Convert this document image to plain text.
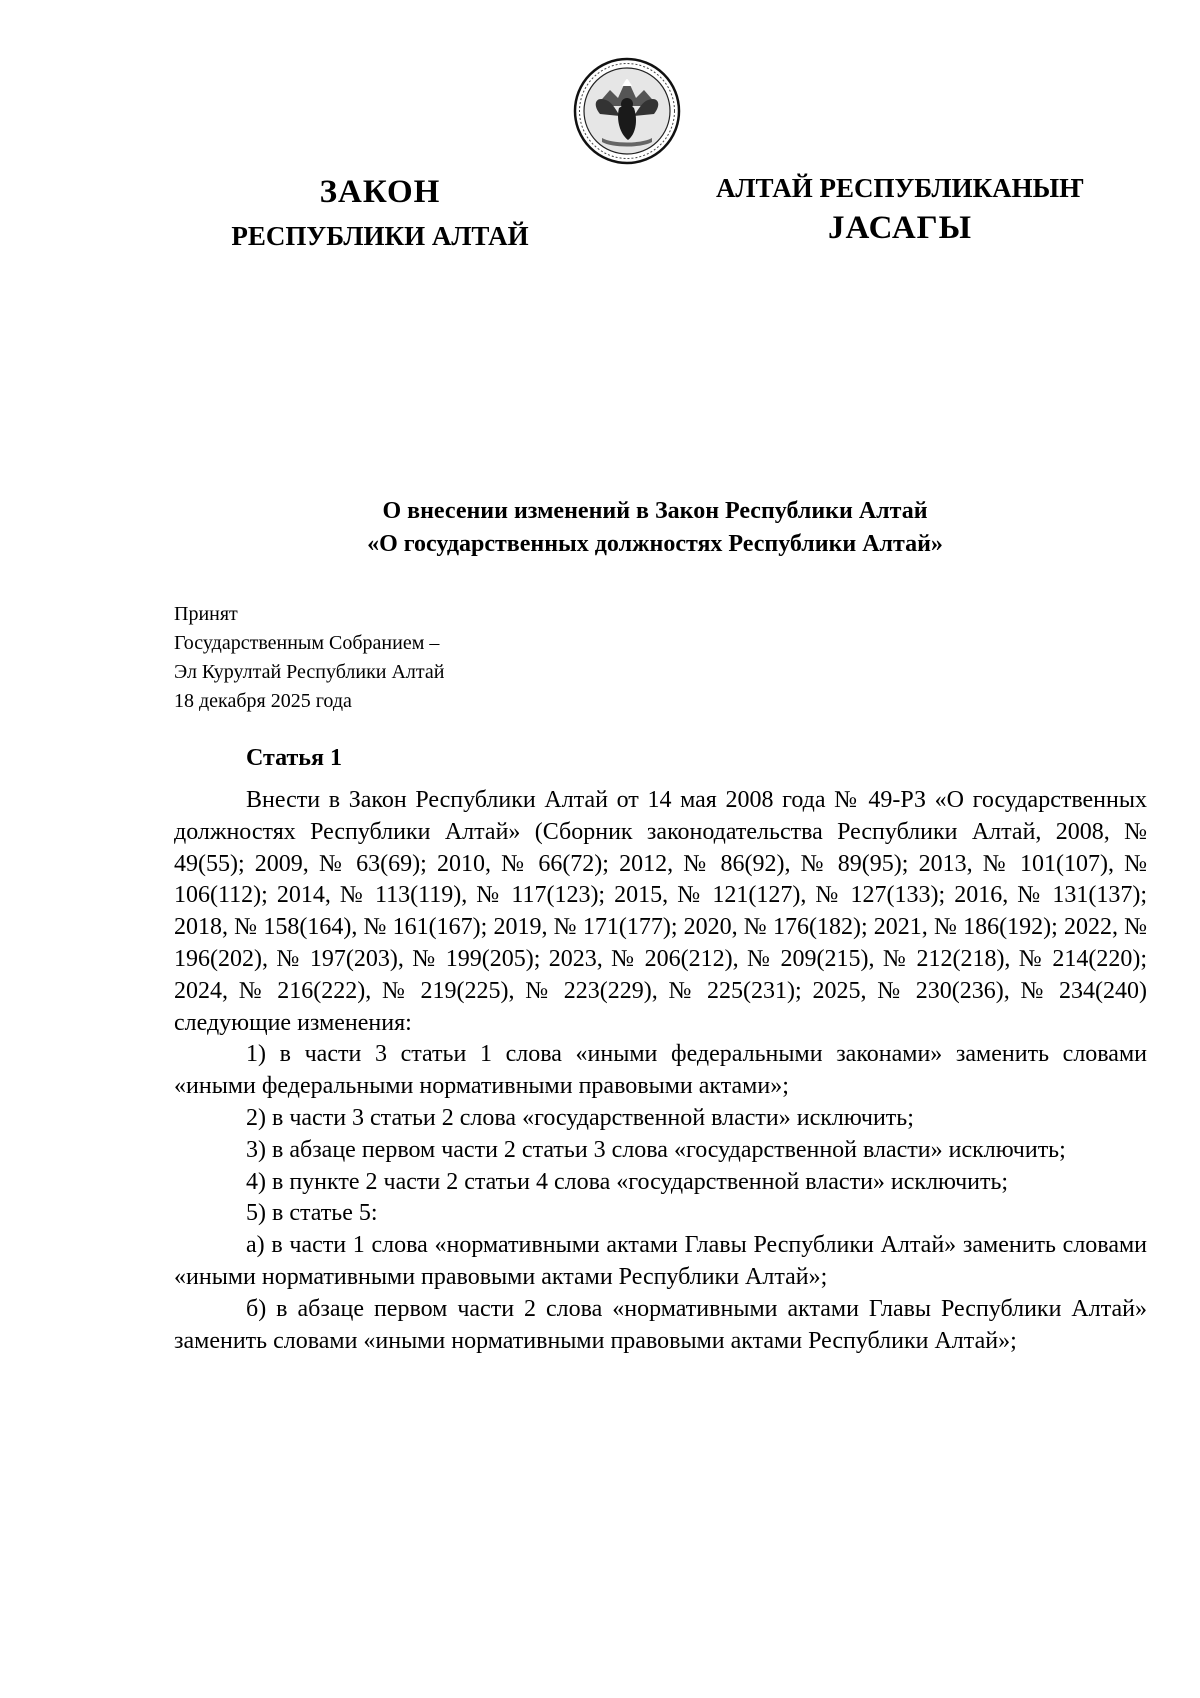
ЗАКОН
РЕСПУБЛИКИ АЛТАЙ
АЛТАЙ РЕСПУБЛИКАНЫҤ
JАСАГЫ
О внесении изменений в Закон Республики Алтай
«О государственных должностях Республики Алтай»
Принят
Государственным Собранием –
Эл Курултай Республики Алтай
18 декабря 2025 года
Статья 1

Внести в Закон Республики Алтай от 14 мая 2008 года № 49-РЗ «О государственных должностях Республики Алтай» (Сборник законодательства Республики Алтай, 2008, № 49(55); 2009, № 63(69); 2010, № 66(72); 2012, № 86(92), № 89(95); 2013, № 101(107), № 106(112); 2014, № 113(119), № 117(123); 2015, № 121(127), № 127(133); 2016, № 131(137); 2018, № 158(164), № 161(167); 2019, № 171(177); 2020, № 176(182); 2021, № 186(192); 2022, № 196(202), № 197(203), № 199(205); 2023, № 206(212), № 209(215), № 212(218), № 214(220); 2024, № 216(222), № 219(225), № 223(229), № 225(231); 2025, № 230(236), № 234(240) следующие изменения:

1) в части 3 статьи 1 слова «иными федеральными законами» заменить словами «иными федеральными нормативными правовыми актами»;

2) в части 3 статьи 2 слова «государственной власти» исключить;

3) в абзаце первом части 2 статьи 3 слова «государственной власти» исключить;

4) в пункте 2 части 2 статьи 4 слова «государственной власти» исключить;

5) в статье 5:

а) в части 1 слова «нормативными актами Главы Республики Алтай» заменить словами «иными нормативными правовыми актами Республики Алтай»;

б) в абзаце первом части 2 слова «нормативными актами Главы Республики Алтай» заменить словами «иными нормативными правовыми актами Республики Алтай»;
